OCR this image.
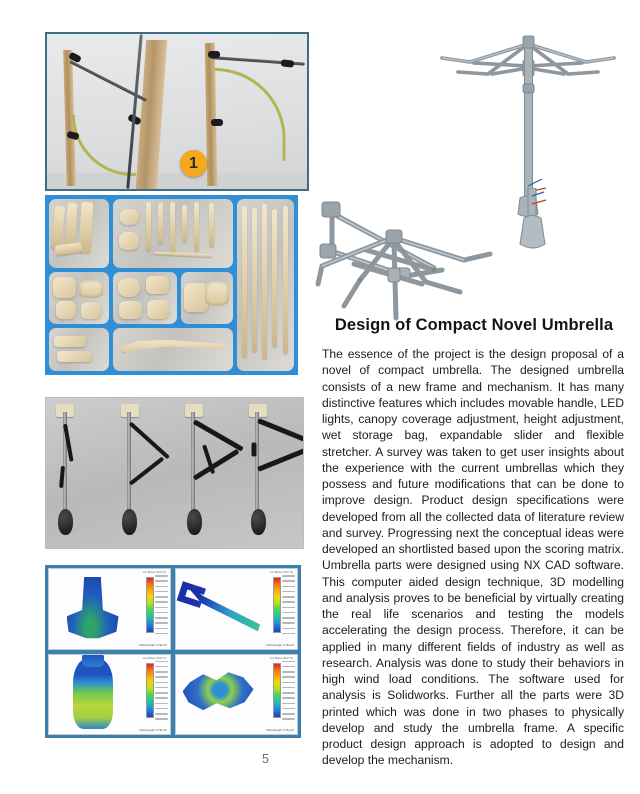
1
von Mises (N/m^2)
Yield strength: 2.75e+07
von Mises (N/m^2)
Yield strength: 2.75e+07
von Mises (N/m^2)
Yield strength: 2.75e+07
von Mises (N/m^2)
Yield strength: 2.75e+07
Design of Compact Novel Umbrella

The essence of the project is the design proposal of a novel of compact umbrella. The designed umbrella consists of a new frame and mechanism. It has many distinctive features which includes movable handle, LED lights, canopy coverage adjustment, height adjustment, wet storage bag, expandable slider and flexible stretcher. A survey was taken to get user insights about the experience with the current umbrellas which they possess and future modifications that can be done to improve design. Product design specifications were developed from all the collected data of literature review and survey. Progressing next the conceptual ideas were developed an shortlisted based upon the scoring matrix. Umbrella parts were designed using NX CAD software. This computer aided design technique, 3D modelling and analysis proves to be beneficial by virtually creating the real life scenarios and testing the models accelerating the design process. Therefore, it can be applied in many different fields of industry as well as research. Analysis was done to study their behaviors in high wind load conditions. The software used for analysis is Solidworks. Further all the parts were 3D printed which was done in two phases to physically develop and study the umbrella frame. A specific product design approach is adopted to design and develop the mechanism.

5
